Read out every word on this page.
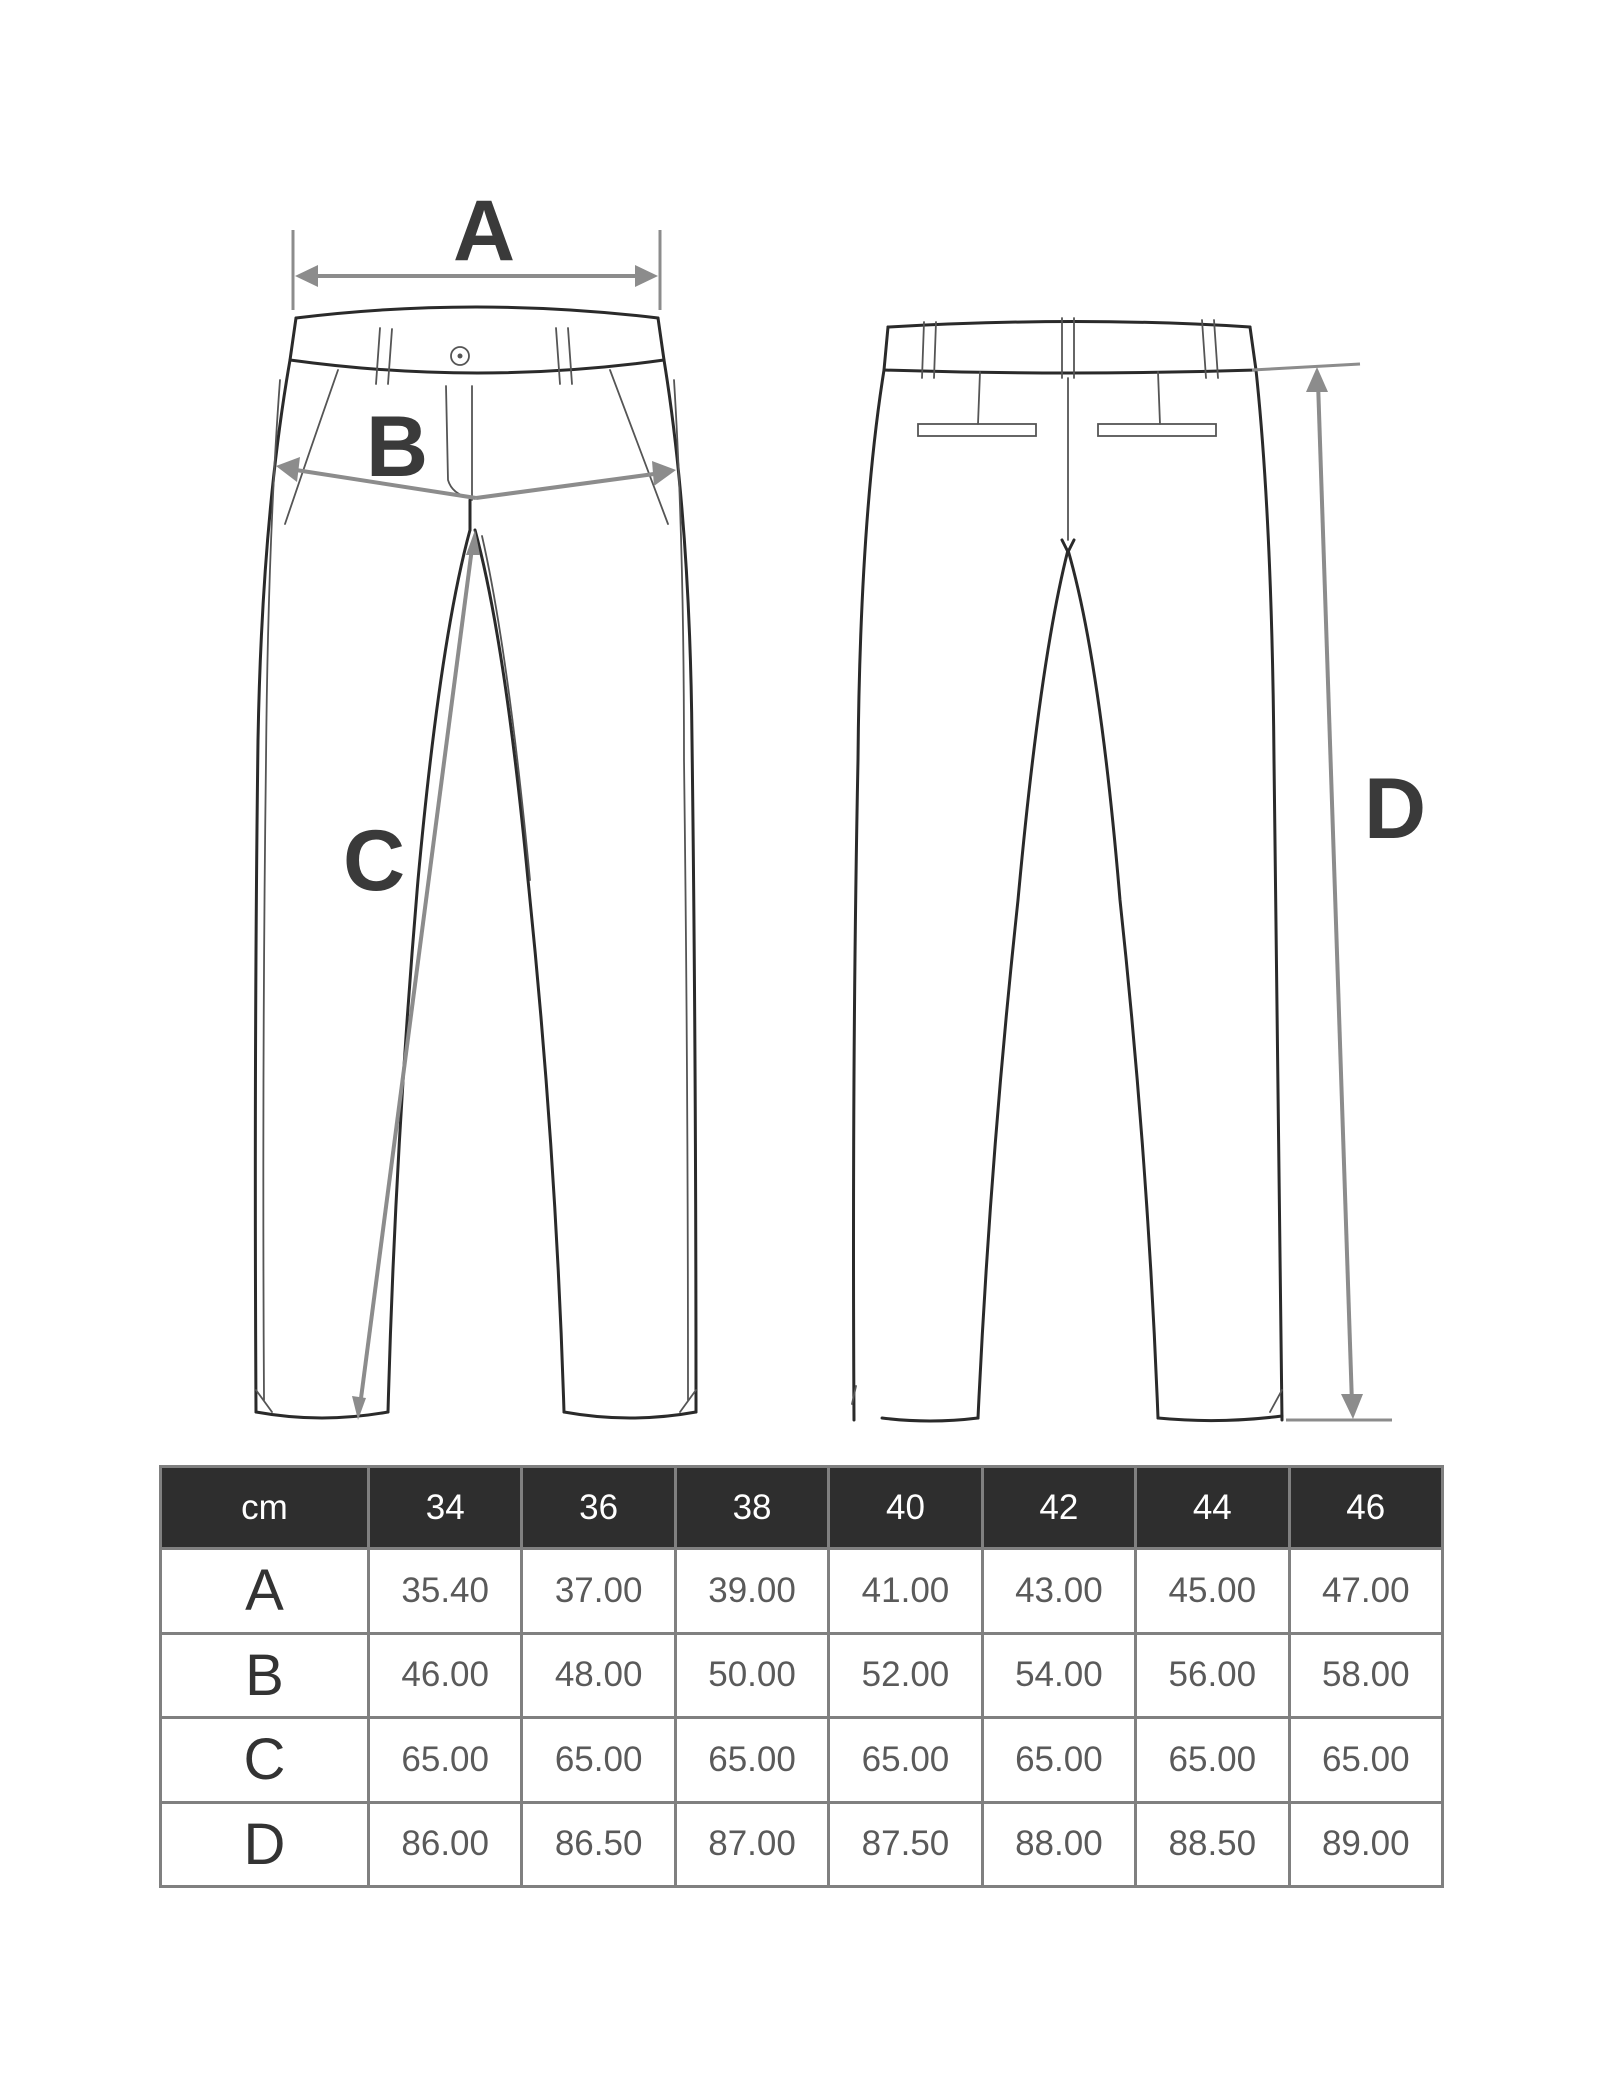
A
B
C
D
cm	34	36	38	40	42	44	46
A	35.40	37.00	39.00	41.00	43.00	45.00	47.00
B	46.00	48.00	50.00	52.00	54.00	56.00	58.00
C	65.00	65.00	65.00	65.00	65.00	65.00	65.00
D	86.00	86.50	87.00	87.50	88.00	88.50	89.00
